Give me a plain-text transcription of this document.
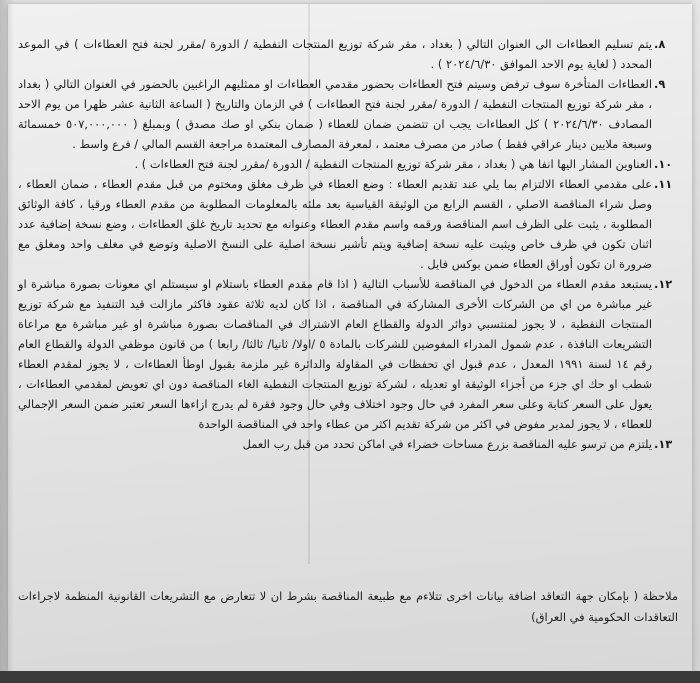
٨.

يتم تسليم العطاءات الى العنوان التالي ( بغداد ، مقر شركة توزيع المنتجات النفطية / الدورة /مقرر لجنة فتح العطاءات ) في الموعد المحدد ( لغاية يوم الاحد الموافق ٢٠٢٤/٦/٣٠ ) .

٩.

العطاءات المتأخرة سوف ترفض وسيتم فتح العطاءات بحضور مقدمي العطاءات او ممثليهم الراغبين بالحضور في العنوان التالي ( بغداد ، مقر شركة توزيع المنتجات النفطية / الدورة /مقرر لجنة فتح العطاءات ) في الزمان والتاريخ ( الساعة الثانية عشر ظهرا من يوم الاحد المصادف ٢٠٢٤/٦/٣٠ ) كل العطاءات يجب ان تتضمن ضمان للعطاء ( ضمان بنكي او صك مصدق ) وبمبلغ ( ٥٠٧,٠٠٠,٠٠٠ خمسمائة وسبعة ملايين دينار عراقي فقط ) صادر من مصرف معتمد ، لمعرفة المصارف المعتمدة مراجعة القسم المالي / فرع واسط .

١٠.

العناوين المشار اليها انفا هي ( بغداد ، مقر شركة توزيع المنتجات النفطية / الدورة /مقرر لجنة فتح العطاءات ) .

١١.

على مقدمي العطاء الالتزام بما يلي عند تقديم العطاء : وضع العطاء في ظرف مغلق ومختوم من قبل مقدم العطاء ، ضمان العطاء ، وصل شراء المناقصة الاصلي ، القسم الرابع من الوثيقة القياسية بعد ملئه بالمعلومات المطلوبة من مقدم العطاء ورقيا ، كافة الوثائق المطلوبة ، يثبت على الظرف اسم المناقصة ورقمه واسم مقدم العطاء وعنوانه مع تحديد تاريخ غلق العطاءات ، وضع نسخة إضافية عدد اثنان تكون في ظرف خاص ويثبت عليه نسخة إضافية ويتم تأشير نسخة اصلية على النسخ الاصلية وتوضع في مغلف واحد ومغلق مع ضرورة ان تكون أوراق العطاء ضمن بوكس فايل .

١٢.

يستبعد مقدم العطاء من الدخول في المناقصة للأسباب التالية ( اذا قام مقدم العطاء باستلام او سيستلم اي معونات بصورة مباشرة او غير مباشرة من اي من الشركات الأخرى المشاركة في المناقصة ، اذا كان لديه ثلاثة عقود فاكثر مازالت قيد التنفيذ مع شركة توزيع المنتجات النفطية ، لا يجوز لمنتسبي دوائر الدولة والقطاع العام الاشتراك في المناقصات بصورة مباشرة او غير مباشرة مع مراعاة التشريعات النافذة ، عدم شمول المدراء المفوضين للشركات بالمادة ٥ /اولا/ ثانيا/ ثالثا/ رابعا ) من قانون موظفي الدولة والقطاع العام رقم ١٤ لسنة ١٩٩١ المعدل ، عدم قبول اي تحفظات في المقاولة والدائرة غير ملزمة بقبول اوطأ العطاءات ، لا يجوز لمقدم العطاء شطب او حك اي جزء من أجزاء الوثيقة او تعديله ، لشركة توزيع المنتجات النفطية الغاء المناقصة دون اي تعويض لمقدمي العطاءات ، يعول على السعر كتابة وعلى سعر المفرد في حال وجود اختلاف وفي حال وجود فقرة لم يدرج ازاءها السعر تعتبر ضمن السعر الإجمالي للعطاء ، لا يجوز لمدير مفوض في اكثر من شركة تقديم اكثر من عطاء واحد في المناقصة الواحدة

١٣.

يلتزم من ترسو عليه المناقصة بزرع مساحات خضراء في اماكن تحدد من قبل رب العمل

ملاحظة ( بإمكان جهة التعاقد اضافة بيانات اخرى تتلاءم مع طبيعة المناقصة بشرط ان لا تتعارض مع التشريعات القانونية المنظمة لاجراءات التعاقدات الحكومية في العراق)
